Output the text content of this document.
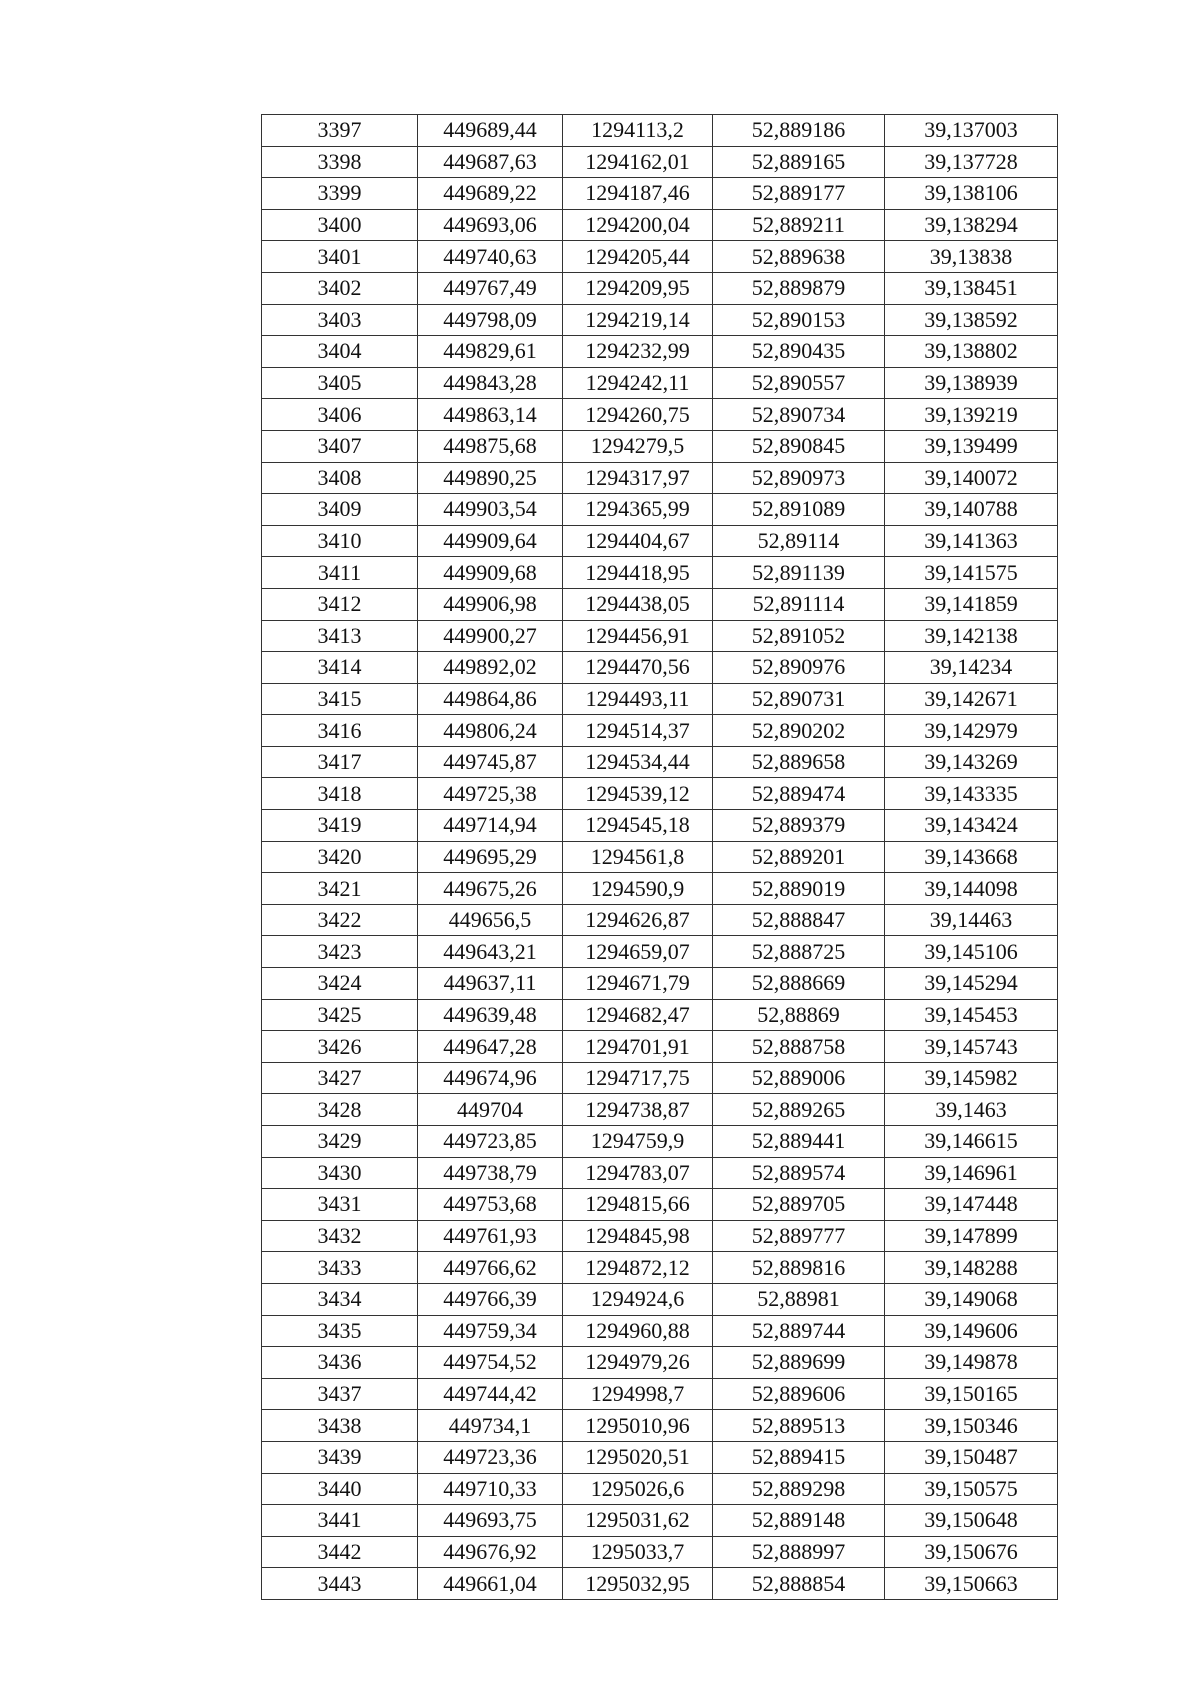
3397	449689,44	1294113,2	52,889186	39,137003
3398	449687,63	1294162,01	52,889165	39,137728
3399	449689,22	1294187,46	52,889177	39,138106
3400	449693,06	1294200,04	52,889211	39,138294
3401	449740,63	1294205,44	52,889638	39,13838
3402	449767,49	1294209,95	52,889879	39,138451
3403	449798,09	1294219,14	52,890153	39,138592
3404	449829,61	1294232,99	52,890435	39,138802
3405	449843,28	1294242,11	52,890557	39,138939
3406	449863,14	1294260,75	52,890734	39,139219
3407	449875,68	1294279,5	52,890845	39,139499
3408	449890,25	1294317,97	52,890973	39,140072
3409	449903,54	1294365,99	52,891089	39,140788
3410	449909,64	1294404,67	52,89114	39,141363
3411	449909,68	1294418,95	52,891139	39,141575
3412	449906,98	1294438,05	52,891114	39,141859
3413	449900,27	1294456,91	52,891052	39,142138
3414	449892,02	1294470,56	52,890976	39,14234
3415	449864,86	1294493,11	52,890731	39,142671
3416	449806,24	1294514,37	52,890202	39,142979
3417	449745,87	1294534,44	52,889658	39,143269
3418	449725,38	1294539,12	52,889474	39,143335
3419	449714,94	1294545,18	52,889379	39,143424
3420	449695,29	1294561,8	52,889201	39,143668
3421	449675,26	1294590,9	52,889019	39,144098
3422	449656,5	1294626,87	52,888847	39,14463
3423	449643,21	1294659,07	52,888725	39,145106
3424	449637,11	1294671,79	52,888669	39,145294
3425	449639,48	1294682,47	52,88869	39,145453
3426	449647,28	1294701,91	52,888758	39,145743
3427	449674,96	1294717,75	52,889006	39,145982
3428	449704	1294738,87	52,889265	39,1463
3429	449723,85	1294759,9	52,889441	39,146615
3430	449738,79	1294783,07	52,889574	39,146961
3431	449753,68	1294815,66	52,889705	39,147448
3432	449761,93	1294845,98	52,889777	39,147899
3433	449766,62	1294872,12	52,889816	39,148288
3434	449766,39	1294924,6	52,88981	39,149068
3435	449759,34	1294960,88	52,889744	39,149606
3436	449754,52	1294979,26	52,889699	39,149878
3437	449744,42	1294998,7	52,889606	39,150165
3438	449734,1	1295010,96	52,889513	39,150346
3439	449723,36	1295020,51	52,889415	39,150487
3440	449710,33	1295026,6	52,889298	39,150575
3441	449693,75	1295031,62	52,889148	39,150648
3442	449676,92	1295033,7	52,888997	39,150676
3443	449661,04	1295032,95	52,888854	39,150663
